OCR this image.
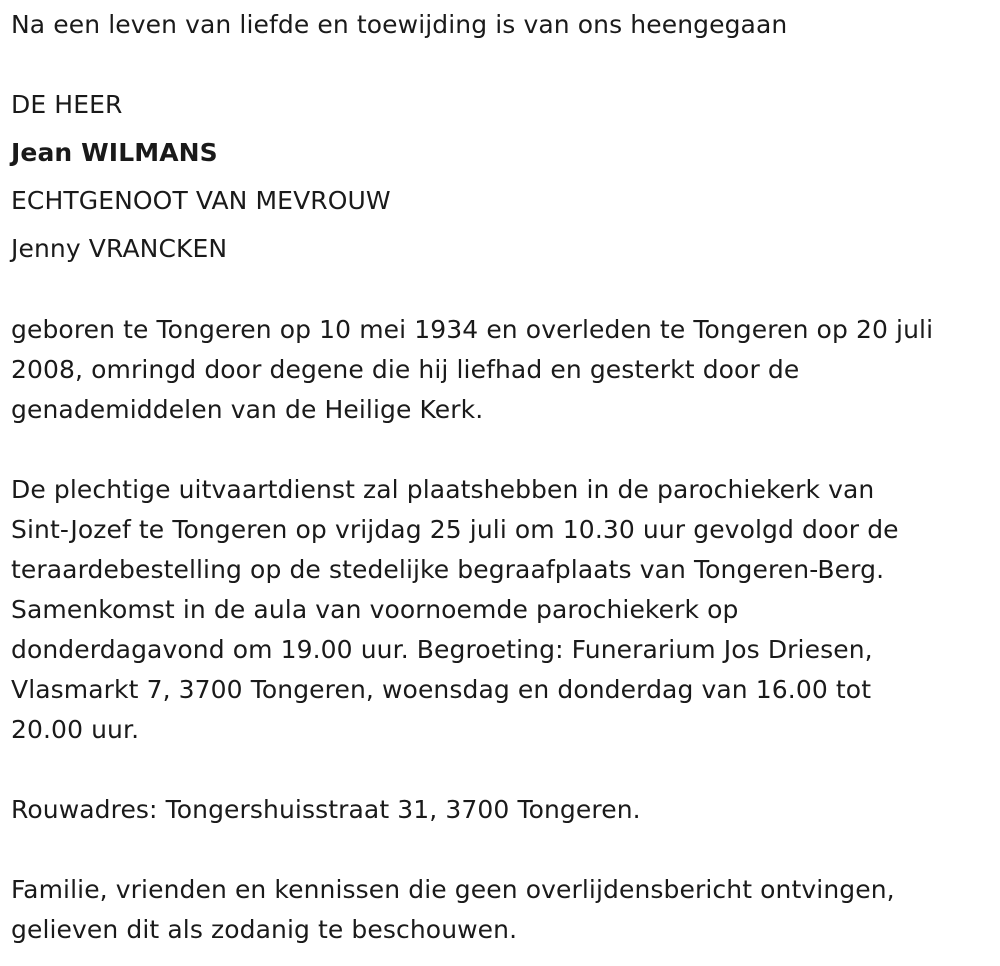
Na een leven van liefde en toewijding is van ons heengegaan
DE HEER
Jean WILMANS
ECHTGENOOT VAN MEVROUW
Jenny VRANCKEN
geboren te Tongeren op 10 mei 1934 en overleden te Tongeren op 20 juli
2008, omringd door degene die hij liefhad en gesterkt door de
genademiddelen van de Heilige Kerk.
De plechtige uitvaartdienst zal plaatshebben in de parochiekerk van
Sint-Jozef te Tongeren op vrijdag 25 juli om 10.30 uur gevolgd door de
teraardebestelling op de stedelijke begraafplaats van Tongeren-Berg.
Samenkomst in de aula van voornoemde parochiekerk op
donderdagavond om 19.00 uur. Begroeting: Funerarium Jos Driesen,
Vlasmarkt 7, 3700 Tongeren, woensdag en donderdag van 16.00 tot
20.00 uur.
Rouwadres: Tongershuisstraat 31, 3700 Tongeren.
Familie, vrienden en kennissen die geen overlijdensbericht ontvingen,
gelieven dit als zodanig te beschouwen.
